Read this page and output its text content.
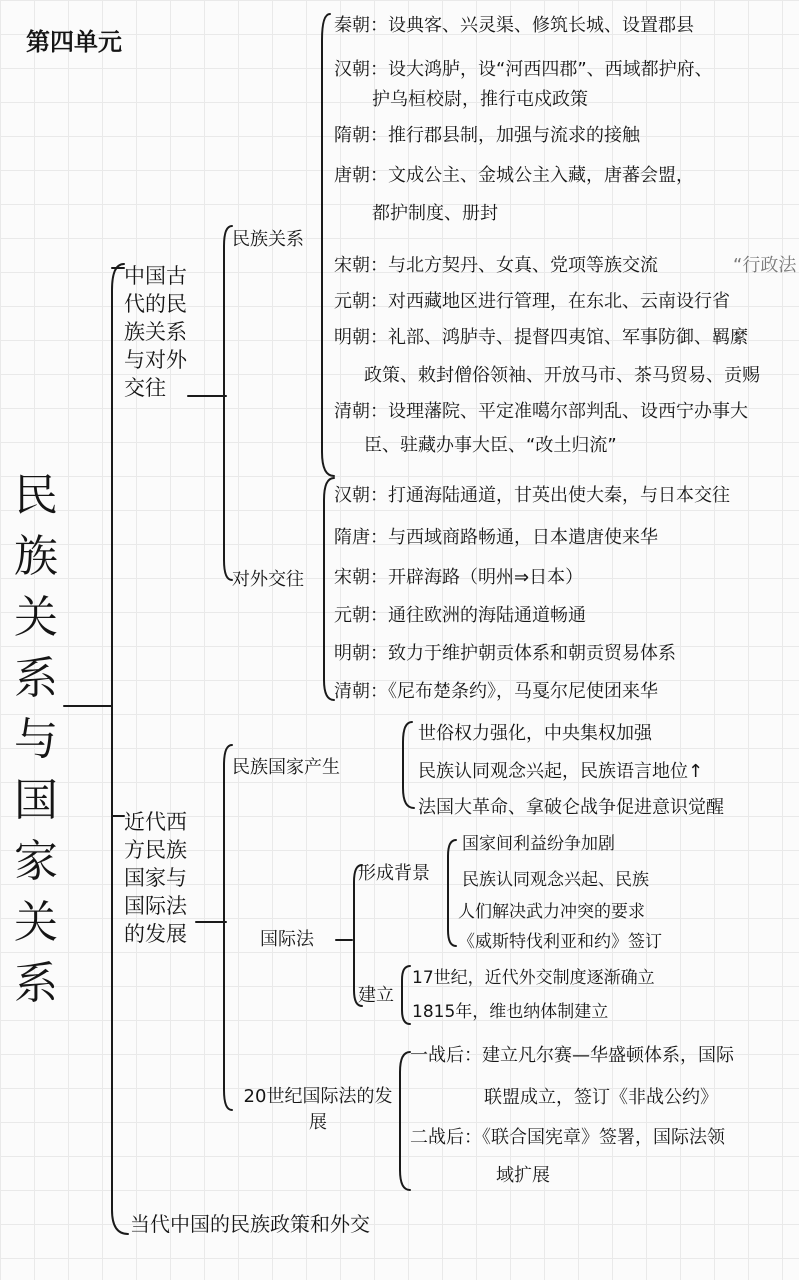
第四单元
民族关系与国家关系
中国古代的民族关系与对外交往
民族关系
对外交往
“行政法
秦朝：设典客、兴灵渠、修筑长城、设置郡县
汉朝：设大鸿胪，设“河西四郡”、西域都护府、
护乌桓校尉，推行屯戍政策
隋朝：推行郡县制，加强与流求的接触
唐朝：文成公主、金城公主入藏，唐蕃会盟，
都护制度、册封
宋朝：与北方契丹、女真、党项等族交流
元朝：对西藏地区进行管理，在东北、云南设行省
明朝：礼部、鸿胪寺、提督四夷馆、军事防御、羁縻
政策、敕封僧俗领袖、开放马市、茶马贸易、贡赐
清朝：设理藩院、平定准噶尔部判乱、设西宁办事大
臣、驻藏办事大臣、“改土归流”
汉朝：打通海陆通道，甘英出使大秦，与日本交往
隋唐：与西域商路畅通，日本遣唐使来华
宋朝：开辟海路（明州⇒日本）
元朝：通往欧洲的海陆通道畅通
明朝：致力于维护朝贡体系和朝贡贸易体系
清朝：《尼布楚条约》，马戛尔尼使团来华
近代西方民族国家与国际法的发展
民族国家产生
国际法
20世纪国际法的发展
世俗权力强化，中央集权加强
民族认同观念兴起，民族语言地位↑
法国大革命、拿破仑战争促进意识觉醒
形成背景
国家间利益纷争加剧
民族认同观念兴起、民族
人们解决武力冲突的要求
《威斯特伐利亚和约》签订
建立
17世纪，近代外交制度逐渐确立
1815年，维也纳体制建立
一战后：建立凡尔赛—华盛顿体系，国际
联盟成立，签订《非战公约》
二战后：《联合国宪章》签署，国际法领
域扩展
当代中国的民族政策和外交
